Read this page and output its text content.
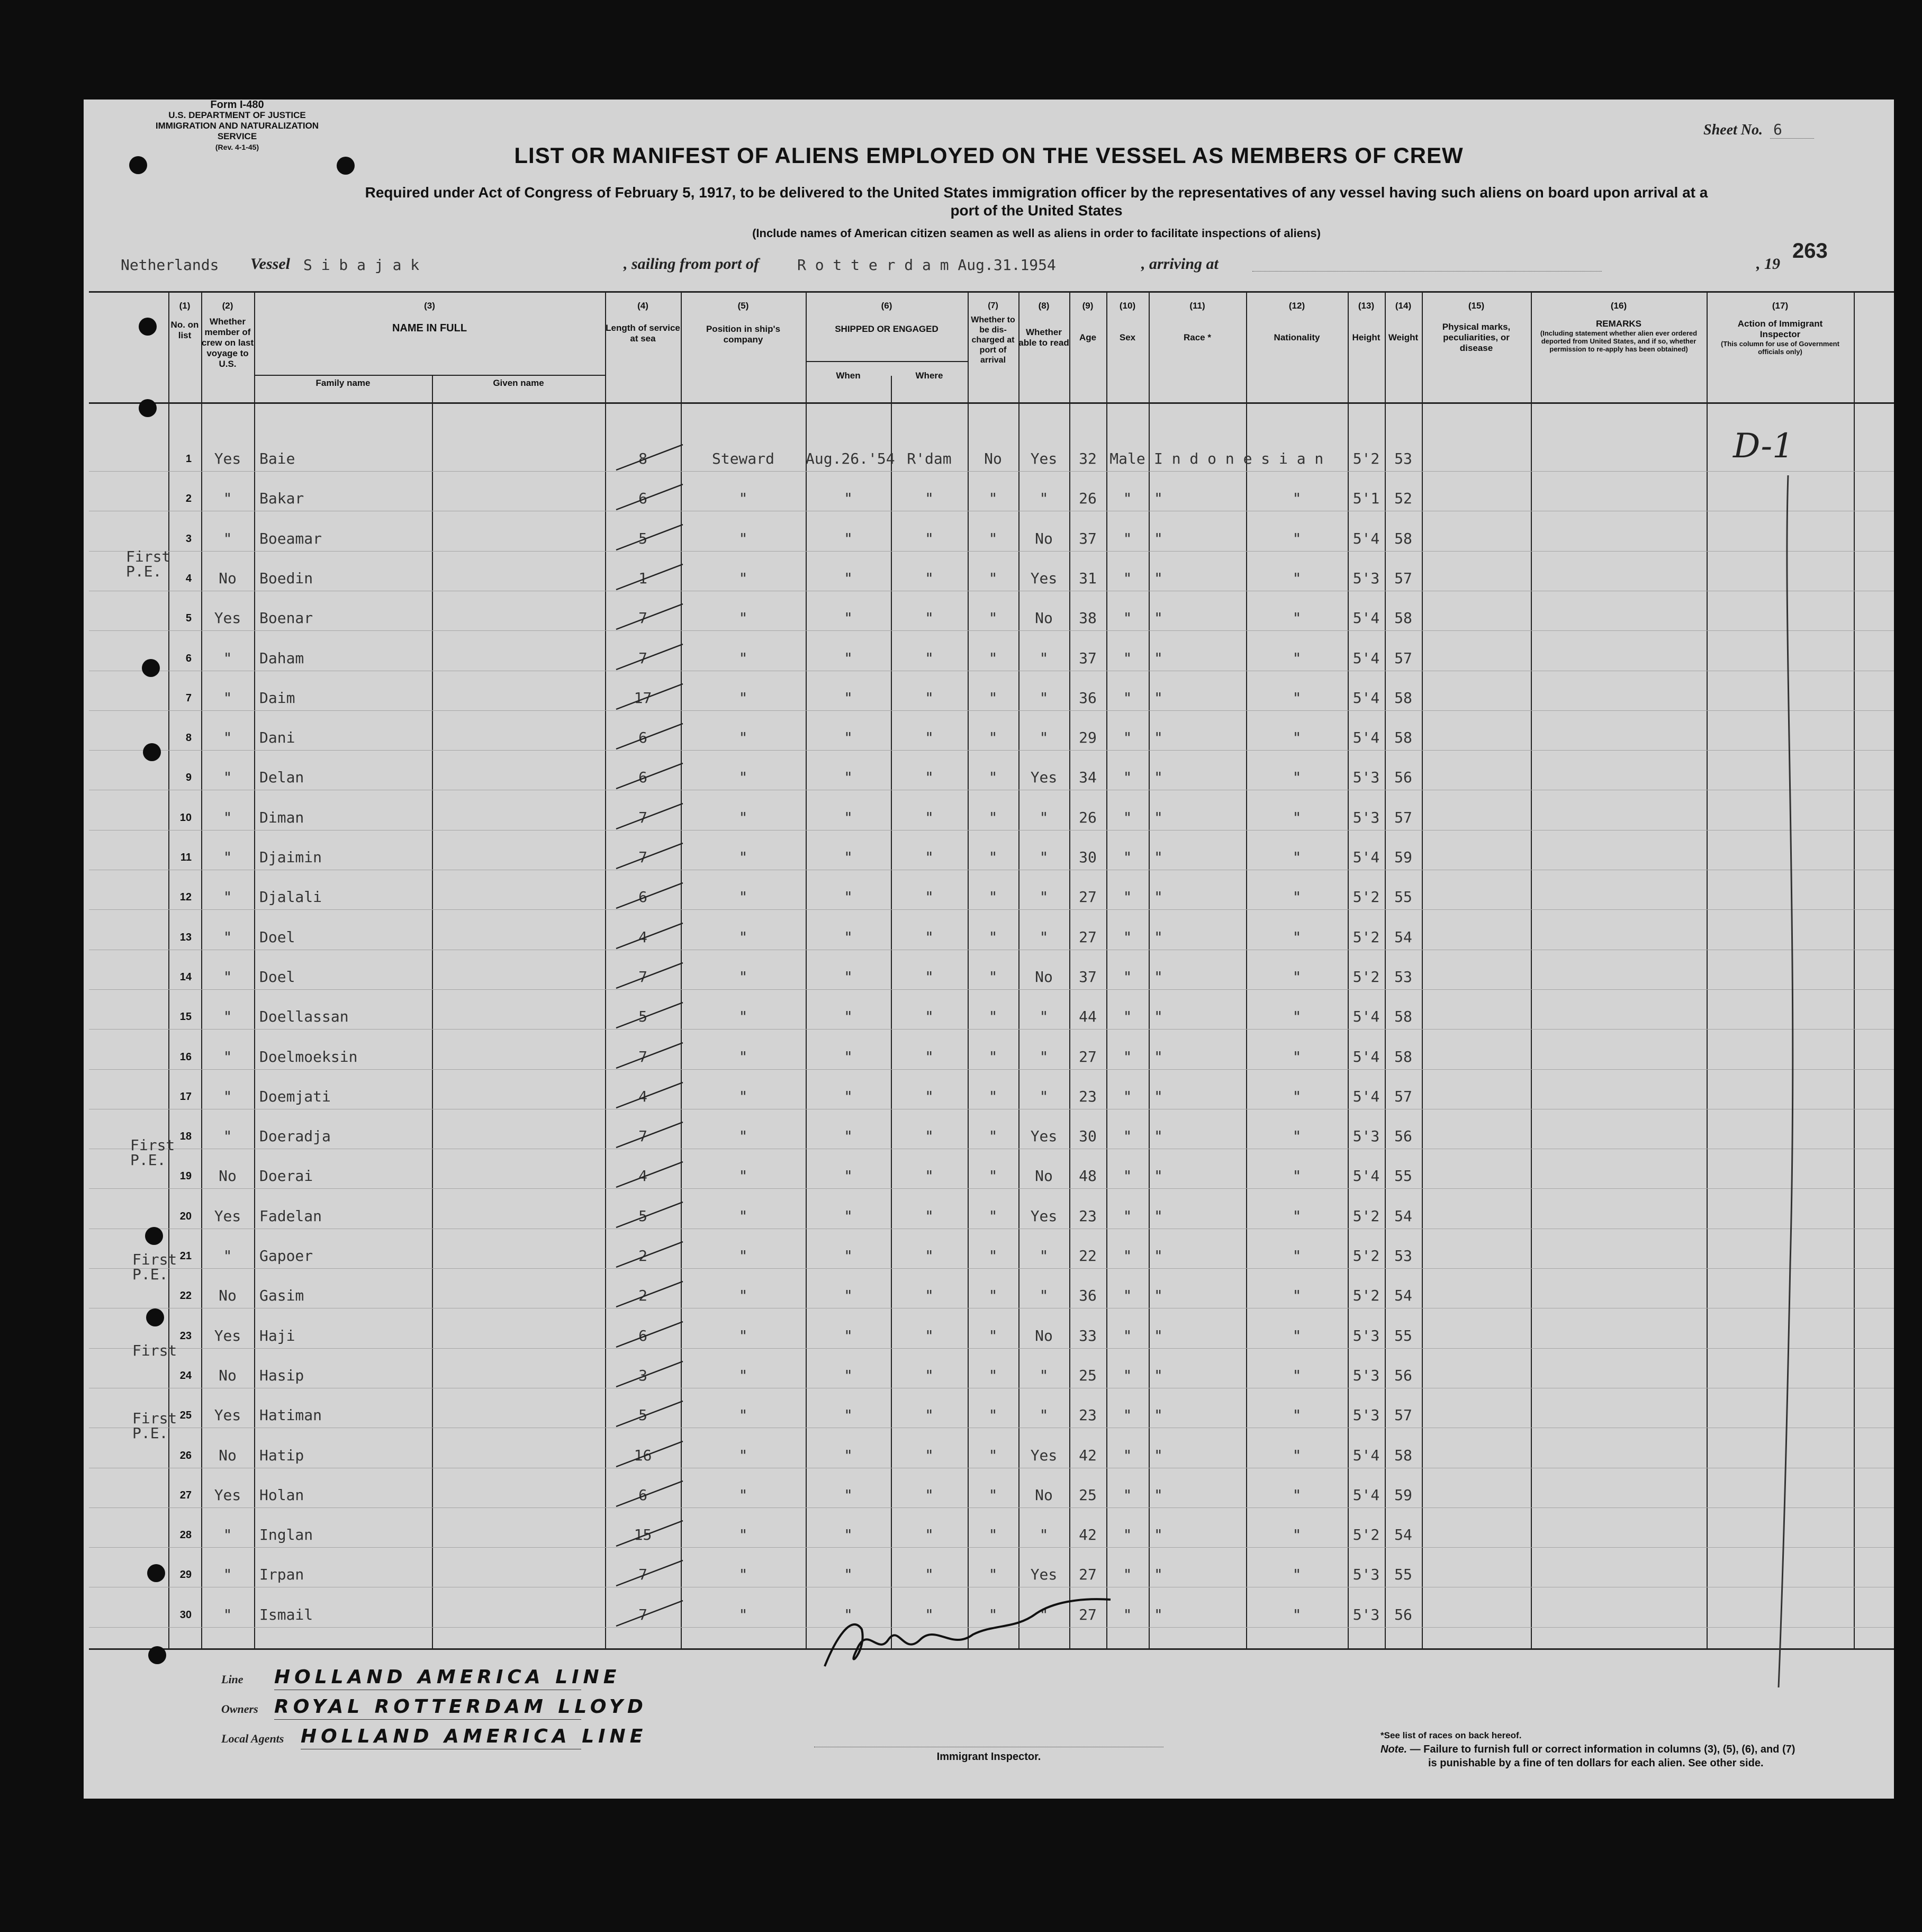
Form I-480
U.S. DEPARTMENT OF JUSTICE
IMMIGRATION AND NATURALIZATION SERVICE
(Rev. 4-1-45)
Sheet No. 6
LIST OR MANIFEST OF ALIENS EMPLOYED ON THE VESSEL AS MEMBERS OF CREW
Required under Act of Congress of February 5, 1917, to be delivered to the United States immigration officer by the representatives of any vessel having such aliens on board upon arrival at a
port of the United States
(Include names of American citizen seamen as well as aliens in order to facilitate inspections of aliens)
263
Netherlands Vessel S i b a j a k	, sailing from port of	R o t t e r d a m Aug.31.1954	, arriving at	, 19
(1)
No. on list
(2)
Whether member of crew on last voyage to U.S.
(3)
NAME IN FULL
Family name	Given name
(4)
Length of service at sea
(5)
Position in ship's company
(6)
SHIPPED OR ENGAGED
When	Where
(7)
Whether to be dis-charged at port of arrival
(8)
Whether able to read
(9)
Age
(10)
Sex
(11)
Race *
(12)
Nationality
(13)
Height
(14)
Weight
(15)
Physical marks, peculiarities, or disease
(16)
REMARKS
(Including statement whether alien ever ordered deported from United States, and if so, whether permission to re-apply has been obtained)
(17)
Action of Immigrant Inspector
(This column for use of Government officials only)
1	Yes	Baie	8	Steward	Aug.26.'54 R'dam	No	Yes	32 Male I n d o n e s i a n	5'2 53
2	"	Bakar	6	"	"	"	"	"	26	"	"	"	5'1 52
3	"	Boeamar	5	"	"	"	"	No	37	"	"	"	5'4 58
4	No	Boedin	1	"	"	"	"	Yes	31	"	"	"	5'3 57
5	Yes	Boenar	7	"	"	"	"	No	38	"	"	"	5'4 58
6	"	Daham	7	"	"	"	"	"	37	"	"	"	5'4 57
7	"	Daim	17	"	"	"	"	"	36	"	"	"	5'4 58
8	"	Dani	6	"	"	"	"	"	29	"	"	"	5'4 58
9	"	Delan	6	"	"	"	"	Yes	34	"	"	"	5'3 56
10	"	Diman	7	"	"	"	"	"	26	"	"	"	5'3 57
11	"	Djaimin	7	"	"	"	"	"	30	"	"	"	5'4 59
12	"	Djalali	6	"	"	"	"	"	27	"	"	"	5'2 55
13	"	Doel	4	"	"	"	"	"	27	"	"	"	5'2 54
14	"	Doel	7	"	"	"	"	No	37	"	"	"	5'2 53
15	"	Doellassan	5	"	"	"	"	"	44	"	"	"	5'4 58
16	"	Doelmoeksin	7	"	"	"	"	"	27	"	"	"	5'4 58
17	"	Doemjati	4	"	"	"	"	"	23	"	"	"	5'4 57
18	"	Doeradja	7	"	"	"	"	Yes	30	"	"	"	5'3 56
19	No	Doerai	4	"	"	"	"	No	48	"	"	"	5'4 55
20	Yes	Fadelan	5	"	"	"	"	Yes	23	"	"	"	5'2 54
21	"	Gapoer	2	"	"	"	"	"	22	"	"	"	5'2 53
22	No	Gasim	2	"	"	"	"	"	36	"	"	"	5'2 54
23	Yes	Haji	6	"	"	"	"	No	33	"	"	"	5'3 55
24	No	Hasip	3	"	"	"	"	"	25	"	"	"	5'3 56
25	Yes	Hatiman	5	"	"	"	"	"	23	"	"	"	5'3 57
26	No	Hatip	16	"	"	"	"	Yes	42	"	"	"	5'4 58
27	Yes	Holan	6	"	"	"	"	No	25	"	"	"	5'4 59
28	"	Inglan	15	"	"	"	"	"	42	"	"	"	5'2 54
29	"	Irpan	7	"	"	"	"	Yes	27	"	"	"	5'3 55
30	"	Ismail	7	"	"	"	"	"	27	"	"	"	5'3 56
First
P.E.
First
P.E.
First
P.E.
First
First
P.E.
D-1
Line HOLLAND AMERICA LINE
Owners ROYAL ROTTERDAM LLOYD
Local Agents HOLLAND AMERICA LINE
Immigrant Inspector.
*See list of races on back hereof.
Note. — Failure to furnish full or correct information in columns (3), (5), (6), and (7)
is punishable by a fine of ten dollars for each alien. See other side.
